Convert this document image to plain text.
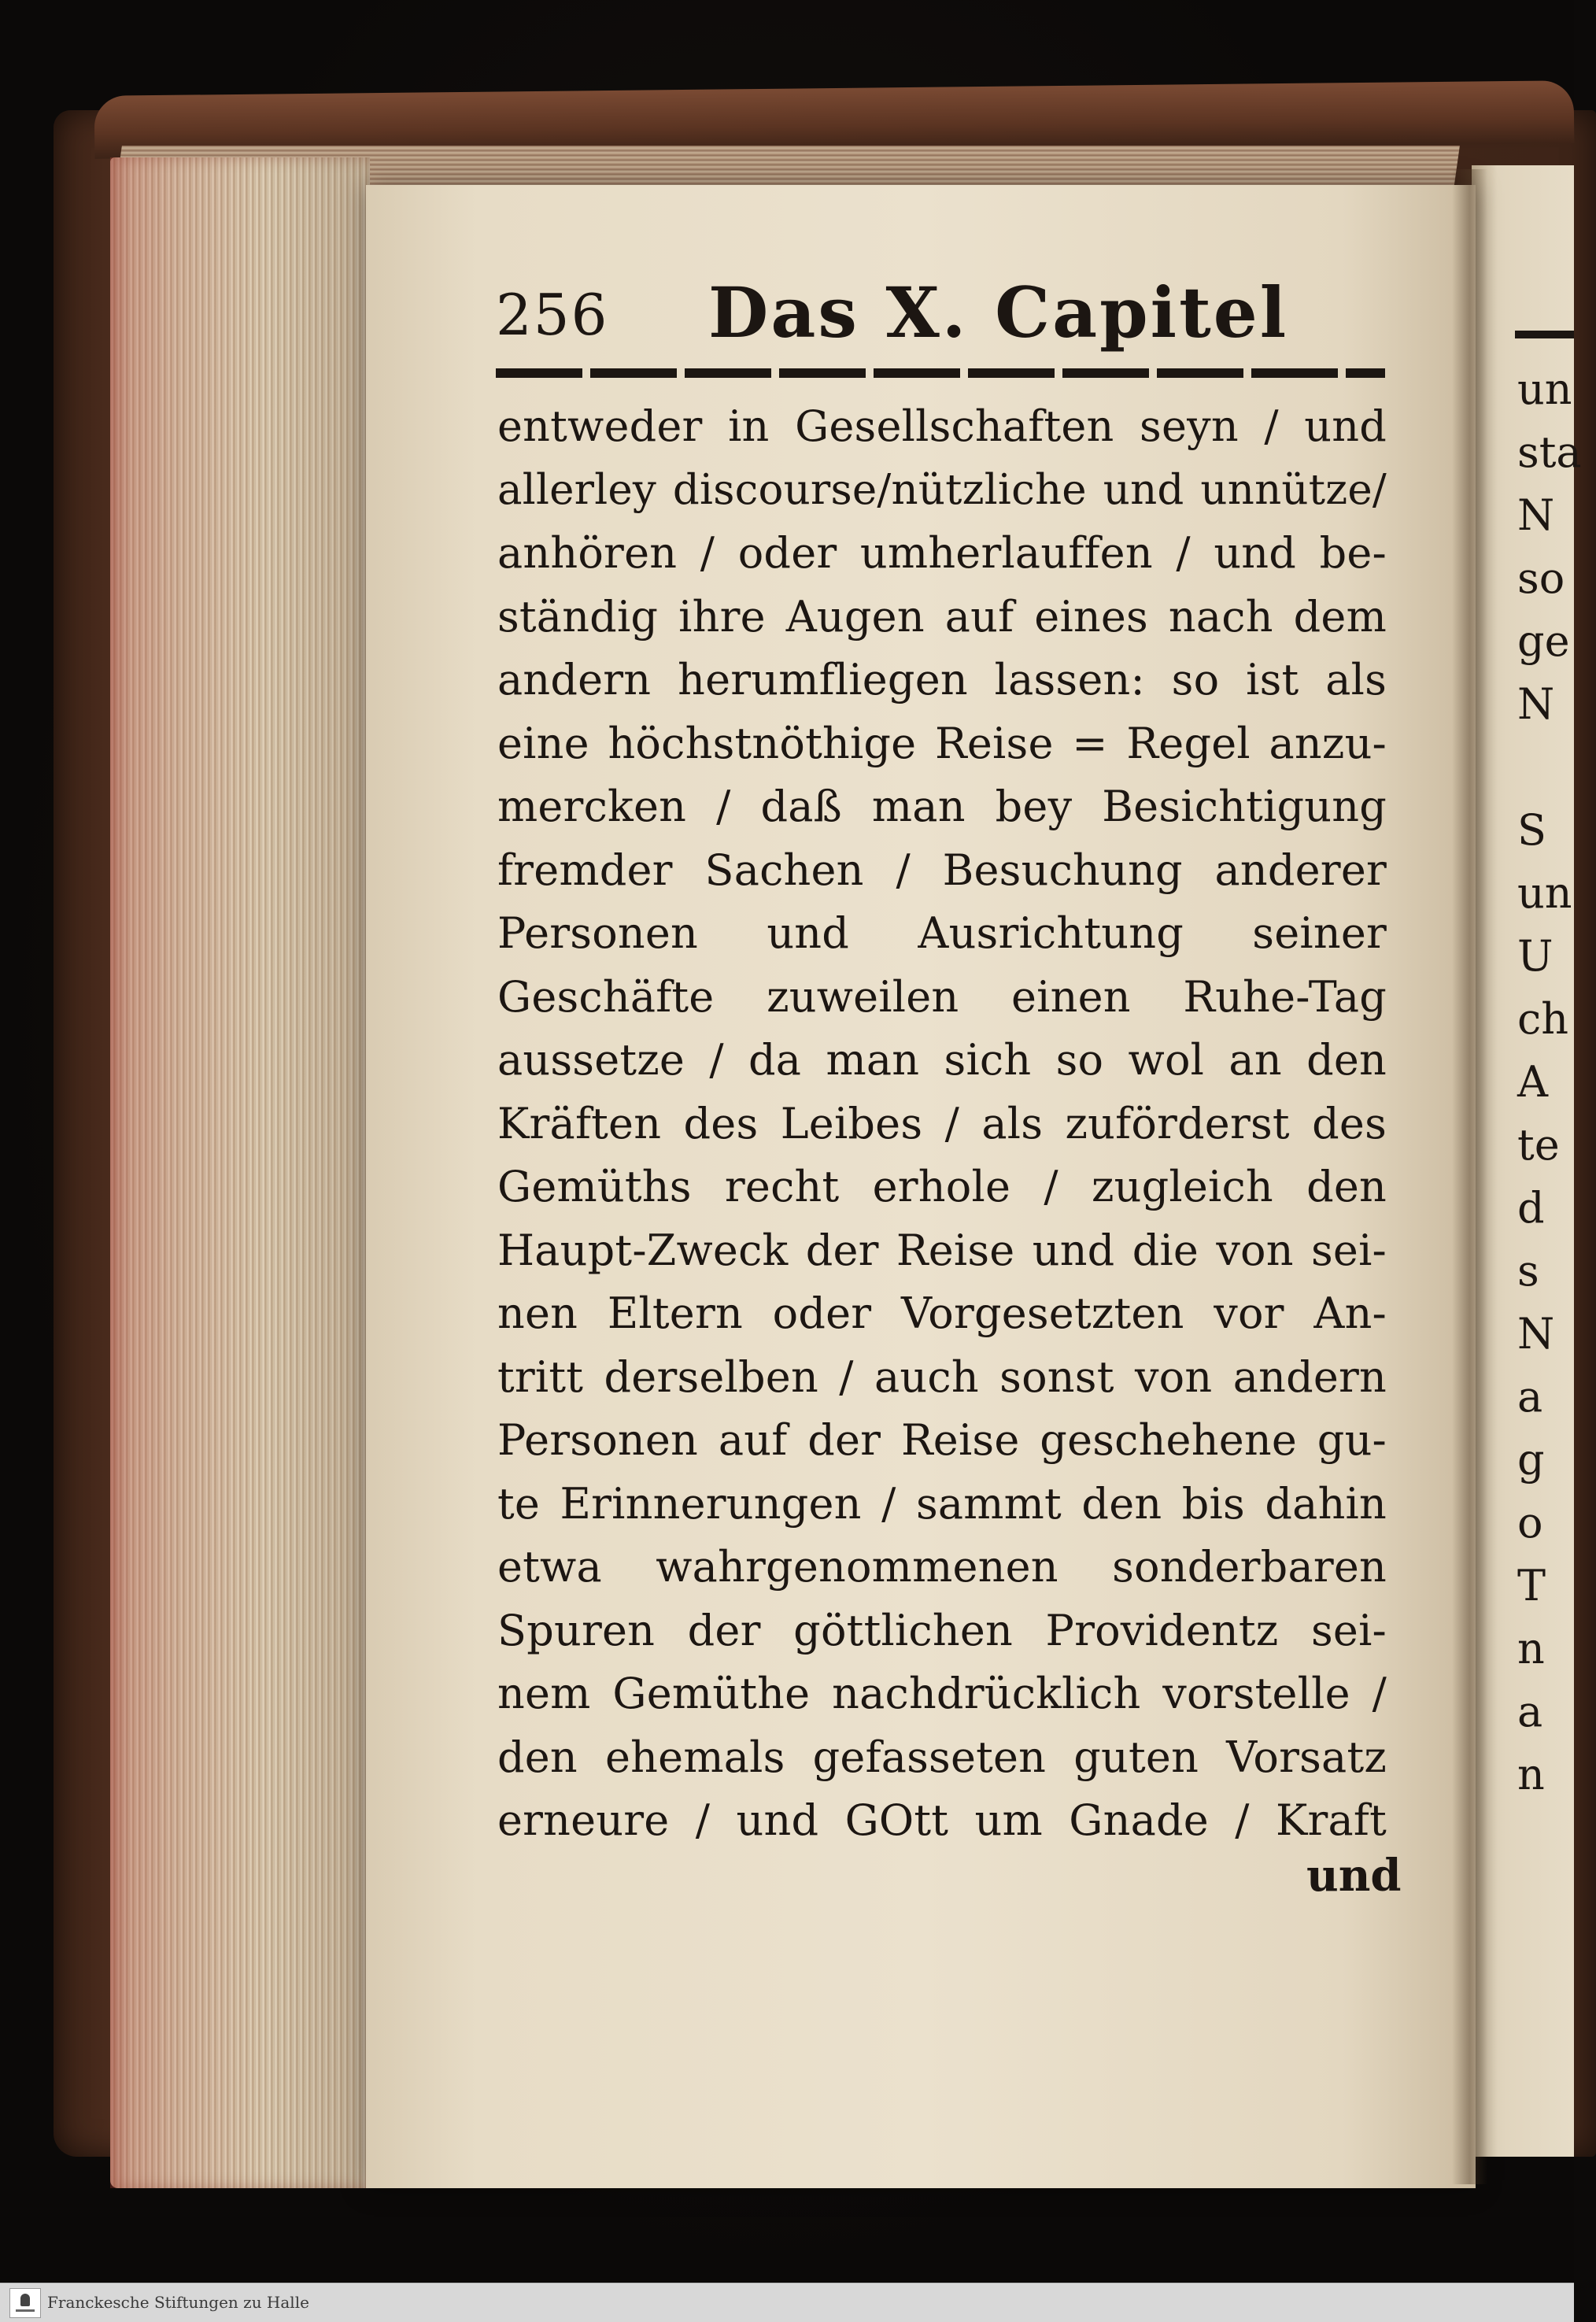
256 Das X. Capitel
entweder in Gesellschaften seyn / und
allerley discourse/nützliche und unnütze/
anhören / oder umherlauffen / und be-
ständig ihre Augen auf eines nach dem
andern herumfliegen lassen: so ist als
eine höchstnöthige Reise = Regel anzu-
mercken / daß man bey Besichtigung
fremder Sachen / Besuchung anderer
Personen und Ausrichtung seiner
Geschäfte zuweilen einen Ruhe-Tag
aussetze / da man sich so wol an den
Kräften des Leibes / als zuförderst des
Gemüths recht erhole / zugleich den
Haupt-Zweck der Reise und die von sei-
nen Eltern oder Vorgesetzten vor An-
tritt derselben / auch sonst von andern
Personen auf der Reise geschehene gu-
te Erinnerungen / sammt den bis dahin
etwa wahrgenommenen sonderbaren
Spuren der göttlichen Providentz sei-
nem Gemüthe nachdrücklich vorstelle /
den ehemals gefasseten guten Vorsatz
erneure / und GOtt um Gnade / Kraft
und
un
sta
N
so
ge
N
S
un
U
ch
A
te
d
s
N
a
g
o
T
n
a
n
Franckesche Stiftungen zu Halle
